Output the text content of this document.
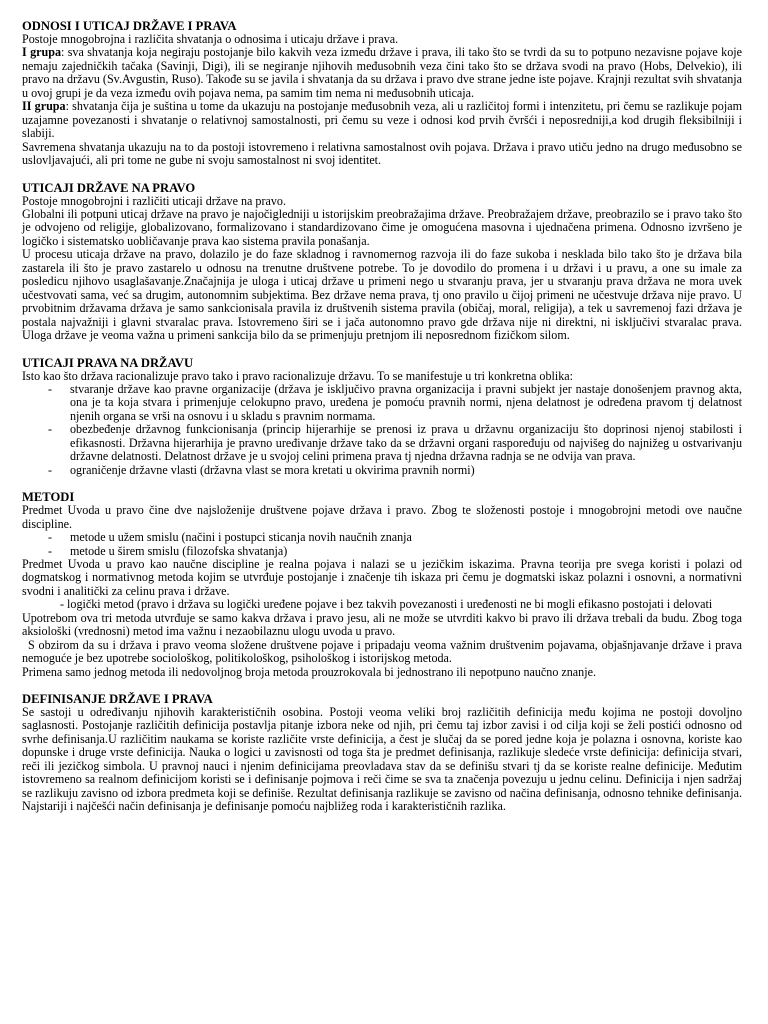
ODNOSI I UTICAJ DRŽAVE I PRAVA

Postoje mnogobrojna i različita shvatanja o odnosima i uticaju države i prava.

I grupa: sva shvatanja koja negiraju postojanje bilo kakvih veza između države i prava, ili tako što se tvrdi da su to potpuno nezavisne pojave koje nemaju zajedničkih tačaka (Savinji, Digi), ili se negiranje njihovih međusobnih veza čini tako što se država svodi na pravo (Hobs, Delvekio), ili pravo na državu (Sv.Avgustin, Ruso). Takođe su se javila i shvatanja da su država i pravo dve strane jedne iste pojave. Krajnji rezultat svih shvatanja u ovoj grupi je da veza između ovih pojava nema, pa samim tim nema ni međusobnih uticaja.

II grupa: shvatanja čija je suština u tome da ukazuju na postojanje međusobnih veza, ali u različitoj formi i intenzitetu, pri čemu se razlikuje pojam uzajamne povezanosti i shvatanje o relativnoj samostalnosti, pri čemu su veze i odnosi kod prvih čvršći i neposredniji,a kod drugih fleksibilniji i slabiji.

Savremena shvatanja ukazuju na to da postoji istovremeno i relativna samostalnost ovih pojava. Država i pravo utiču jedno na drugo međusobno se uslovljavajući, ali pri tome ne gube ni svoju samostalnost ni svoj identitet.

UTICAJI DRŽAVE NA PRAVO

Postoje mnogobrojni i različiti uticaji države na pravo.

Globalni ili potpuni uticaj države na pravo je najočigledniji u istorijskim preobražajima države. Preobražajem države, preobrazilo se i pravo tako što je odvojeno od religije, globalizovano, formalizovano i standardizovano čime je omogućena masovna i ujednačena primena. Odnosno izvršeno je logičko i sistematsko uobličavanje prava kao sistema pravila ponašanja.

U procesu uticaja države na pravo, dolazilo je do faze skladnog i ravnomernog razvoja ili do faze sukoba i nesklada bilo tako što je država bila zastarela ili što je pravo zastarelo u odnosu na trenutne društvene potrebe. To je dovodilo do promena i u državi i u pravu, a one su imale za posledicu njihovo usaglašavanje.Značajnija je uloga i uticaj države u primeni nego u stvaranju prava, jer u stvaranju prava država ne mora uvek učestvovati sama, već sa drugim, autonomnim subjektima. Bez države nema prava, tj ono pravilo u čijoj primeni ne učestvuje država nije pravo. U prvobitnim državama država je samo sankcionisala pravila iz društvenih sistema pravila (običaj, moral, religija), a tek u savremenoj fazi država je postala najvažniji i glavni stvaralac prava. Istovremeno širi se i jača autonomno pravo gde država nije ni direktni, ni isključivi stvaralac prava. Uloga države je veoma važna u primeni sankcija bilo da se primenjuju pretnjom ili neposrednom fizičkom silom.

UTICAJI PRAVA NA DRŽAVU

Isto kao što država racionalizuje pravo tako i pravo racionalizuje državu. To se manifestuje u tri konkretna oblika:

- stvaranje države kao pravne organizacije (država je isključivo pravna organizacija i pravni subjekt jer nastaje donošenjem pravnog akta, ona je ta koja stvara i primenjuje celokupno pravo, uređena je pomoću pravnih normi, njena delatnost je određena pravom tj delatnost njenih organa se vrši na osnovu i u skladu s pravnim normama.
- obezbeđenje državnog funkcionisanja (princip hijerarhije se prenosi iz prava u državnu organizaciju što doprinosi njenoj stabilosti i efikasnosti. Državna hijerarhija je pravno uređivanje države tako da se državni organi raspoređuju od najvišeg do najnižeg u ostvarivanju državne delatnosti. Delatnost države je u svojoj celini primena prava tj njedna državna radnja se ne odvija van prava.
- ograničenje državne vlasti (državna vlast se mora kretati u okvirima pravnih normi)
METODI

Predmet Uvoda u pravo čine dve najsloženije društvene pojave država i pravo. Zbog te složenosti postoje i mnogobrojni metodi ove naučne discipline.

- metode u užem smislu (načini i postupci sticanja novih naučnih znanja
- metode u širem smislu (filozofska shvatanja)

Predmet Uvoda u pravo kao naučne discipline je realna pojava i nalazi se u jezičkim iskazima. Pravna teorija pre svega koristi i polazi od dogmatskog i normativnog metoda kojim se utvrđuje postojanje i značenje tih iskaza pri čemu je dogmatski iskaz polazni i osnovni, a normativni svodni i analitički za celinu prava i države.

- logički metod (pravo i država su logički uređene pojave i bez takvih povezanosti i uređenosti ne bi mogli efikasno postojati i delovati

Upotrebom ova tri metoda utvrđuje se samo kakva država i pravo jesu, ali ne može se utvrditi kakvo bi pravo ili država trebali da budu. Zbog toga aksiološki (vrednosni) metod ima važnu i nezaobilaznu ulogu uvoda u pravo.

S obzirom da su i država i pravo veoma složene društvene pojave i pripadaju veoma važnim društvenim pojavama, objašnjavanje države i prava nemoguće je bez upotrebe sociološkog, politikološkog, psihološkog i istorijskog metoda.

Primena samo jednog metoda ili nedovoljnog broja metoda prouzrokovala bi jednostrano ili nepotpuno naučno znanje.

DEFINISANJE DRŽAVE I PRAVA

Se sastoji u određivanju njihovih karakterističnih osobina. Postoji veoma veliki broj različitih definicija među kojima ne postoji dovoljno saglasnosti. Postojanje različitih definicija postavlja pitanje izbora neke od njih, pri čemu taj izbor zavisi i od cilja koji se želi postići odnosno od svrhe definisanja.U različitim naukama se koriste različite vrste definicija, a čest je slučaj da se pored jedne koja je polazna i osnovna, koriste kao dopunske i druge vrste definicija. Nauka o logici u zavisnosti od toga šta je predmet definisanja, razlikuje sledeće vrste definicija: definicija stvari, reči ili jezičkog simbola. U pravnoj nauci i njenim definicijama preovladava stav da se definišu stvari tj da se koriste realne definicije. Međutim istovremeno sa realnom definicijom koristi se i definisanje pojmova i reči čime se sva ta značenja povezuju u jednu celinu. Definicija i njen sadržaj se razlikuju zavisno od izbora predmeta koji se definiše. Rezultat definisanja razlikuje se zavisno od načina definisanja, odnosno tehnike definisanja. Najstariji i najčešći način definisanja je definisanje pomoću najbližeg roda i karakterističnih razlika.
